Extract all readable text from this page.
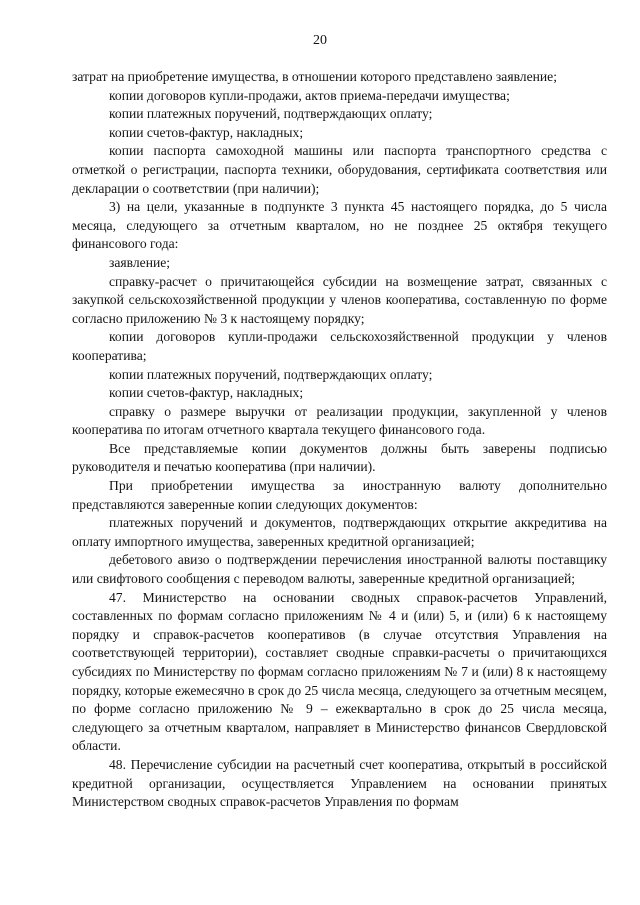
20

затрат на приобретение имущества, в отношении которого представлено заявление;

копии договоров купли-продажи, актов приема-передачи имущества;

копии платежных поручений, подтверждающих оплату;

копии счетов-фактур, накладных;

копии паспорта самоходной машины или паспорта транспортного средства с отметкой о регистрации, паспорта техники, оборудования, сертификата соответствия или декларации о соответствии (при наличии);

3) на цели, указанные в подпункте 3 пункта 45 настоящего порядка, до 5 числа месяца, следующего за отчетным кварталом, но не позднее 25 октября текущего финансового года:

заявление;

справку-расчет о причитающейся субсидии на возмещение затрат, связанных с закупкой сельскохозяйственной продукции у членов кооператива, составленную по форме согласно приложению № 3 к настоящему порядку;

копии договоров купли-продажи сельскохозяйственной продукции у членов кооператива;

копии платежных поручений, подтверждающих оплату;

копии счетов-фактур, накладных;

справку о размере выручки от реализации продукции, закупленной у членов кооператива по итогам отчетного квартала текущего финансового года.

Все представляемые копии документов должны быть заверены подписью руководителя и печатью кооператива (при наличии).

При приобретении имущества за иностранную валюту дополнительно представляются заверенные копии следующих документов:

платежных поручений и документов, подтверждающих открытие аккредитива на оплату импортного имущества, заверенных кредитной организацией;

дебетового авизо о подтверждении перечисления иностранной валюты поставщику или свифтового сообщения с переводом валюты, заверенные кредитной организацией;

47. Министерство на основании сводных справок-расчетов Управлений, составленных по формам согласно приложениям № 4 и (или) 5, и (или) 6 к настоящему порядку и справок-расчетов кооперативов (в случае отсутствия Управления на соответствующей территории), составляет сводные справки-расчеты о причитающихся субсидиях по Министерству по формам согласно приложениям № 7 и (или) 8 к настоящему порядку, которые ежемесячно в срок до 25 числа месяца, следующего за отчетным месяцем, по форме согласно приложению № 9 – ежеквартально в срок до 25 числа месяца, следующего за отчетным кварталом, направляет в Министерство финансов Свердловской области.

48. Перечисление субсидии на расчетный счет кооператива, открытый в российской кредитной организации, осуществляется Управлением на основании принятых Министерством сводных справок-расчетов Управления по формам
